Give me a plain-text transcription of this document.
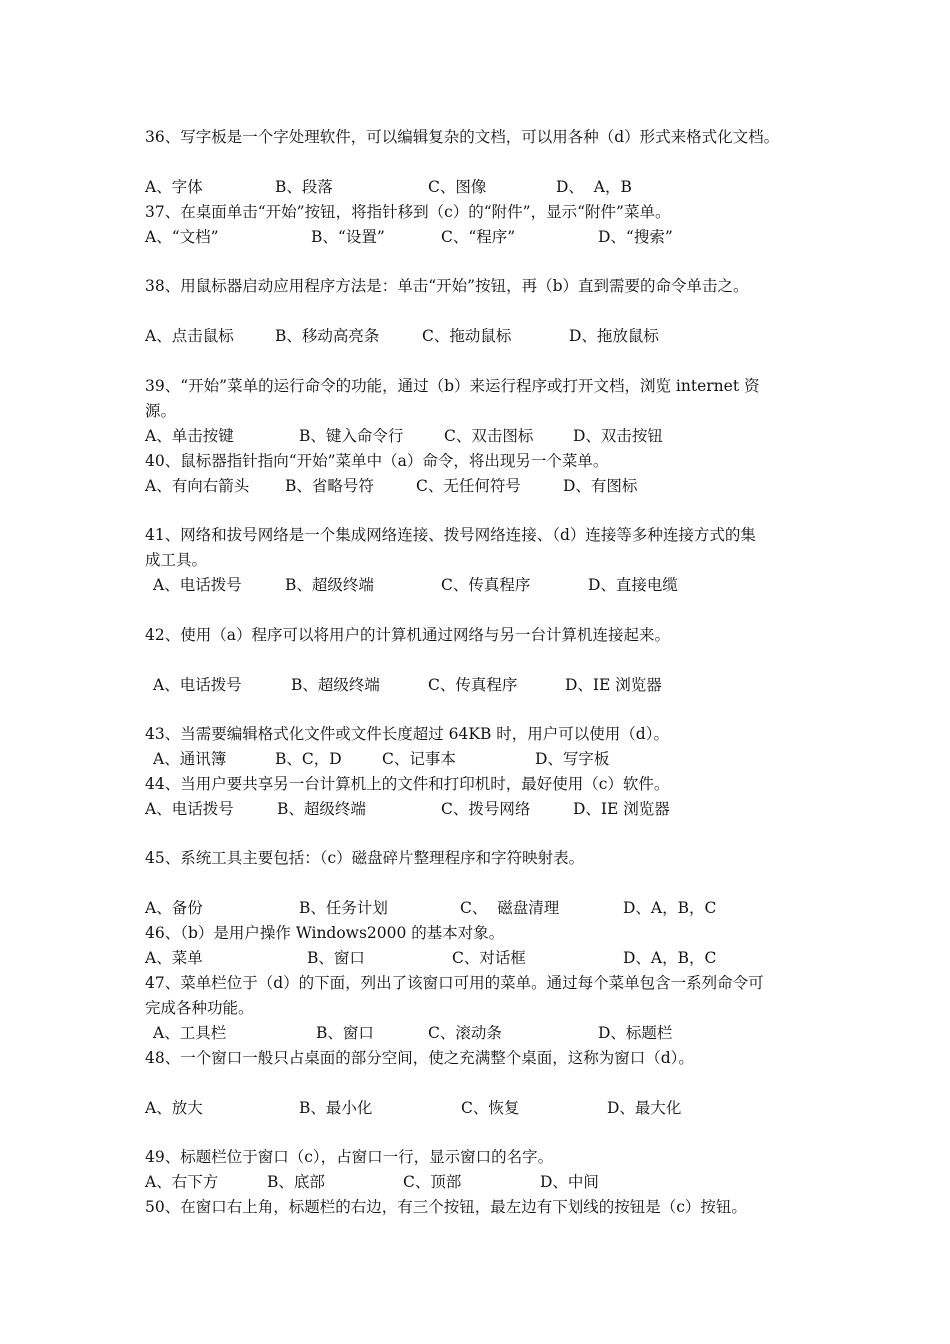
36、写字板是一个字处理软件，可以编辑复杂的文档，可以用各种（d）形式来格式化文档。
A、字体	B、段落	C、图像	D、  A，B
37、在桌面单击“开始”按钮，将指针移到（c）的“附件”，显示“附件”菜单。
A、“文档”	B、“设置”	C、“程序”	D、“搜索”
38、用鼠标器启动应用程序方法是：单击“开始”按钮，再（b）直到需要的命令单击之。
A、点击鼠标	B、移动高亮条	C、拖动鼠标	D、拖放鼠标
39、“开始”菜单的运行命令的功能，通过（b）来运行程序或打开文档，浏览 internet 资
源。
A、单击按键	B、键入命令行	C、双击图标	D、双击按钮
40、鼠标器指针指向“开始”菜单中（a）命令，将出现另一个菜单。
A、有向右箭头 B、省略号符	C、无任何符号	D、有图标
41、网络和拔号网络是一个集成网络连接、拨号网络连接、（d）连接等多种连接方式的集
成工具。
A、电话拨号	B、超级终端	C、传真程序	D、直接电缆
42、使用（a）程序可以将用户的计算机通过网络与另一台计算机连接起来。
A、电话拨号	B、超级终端	C、传真程序	D、IE 浏览器
43、当需要编辑格式化文件或文件长度超过 64KB 时，用户可以使用（d）。
A、通讯簿	B、C，D	C、记事本	D、写字板
44、当用户要共享另一台计算机上的文件和打印机时，最好使用（c）软件。
A、电话拨号	B、超级终端	C、拨号网络	D、IE 浏览器
45、系统工具主要包括：（c）磁盘碎片整理程序和字符映射表。
A、备份	B、任务计划	C、  磁盘清理	D、A，B，C
46、（b）是用户操作 Windows2000 的基本对象。
A、菜单	B、窗口	C、对话框	D、A，B，C
47、菜单栏位于（d）的下面，列出了该窗口可用的菜单。通过每个菜单包含一系列命令可
完成各种功能。
A、工具栏	B、窗口	C、滚动条	D、标题栏
48、一个窗口一般只占桌面的部分空间，使之充满整个桌面，这称为窗口（d）。
A、放大	B、最小化	C、恢复	D、最大化
49、标题栏位于窗口（c），占窗口一行，显示窗口的名字。
A、右下方	B、底部	C、顶部	D、中间
50、在窗口右上角，标题栏的右边，有三个按钮，最左边有下划线的按钮是（c）按钮。
